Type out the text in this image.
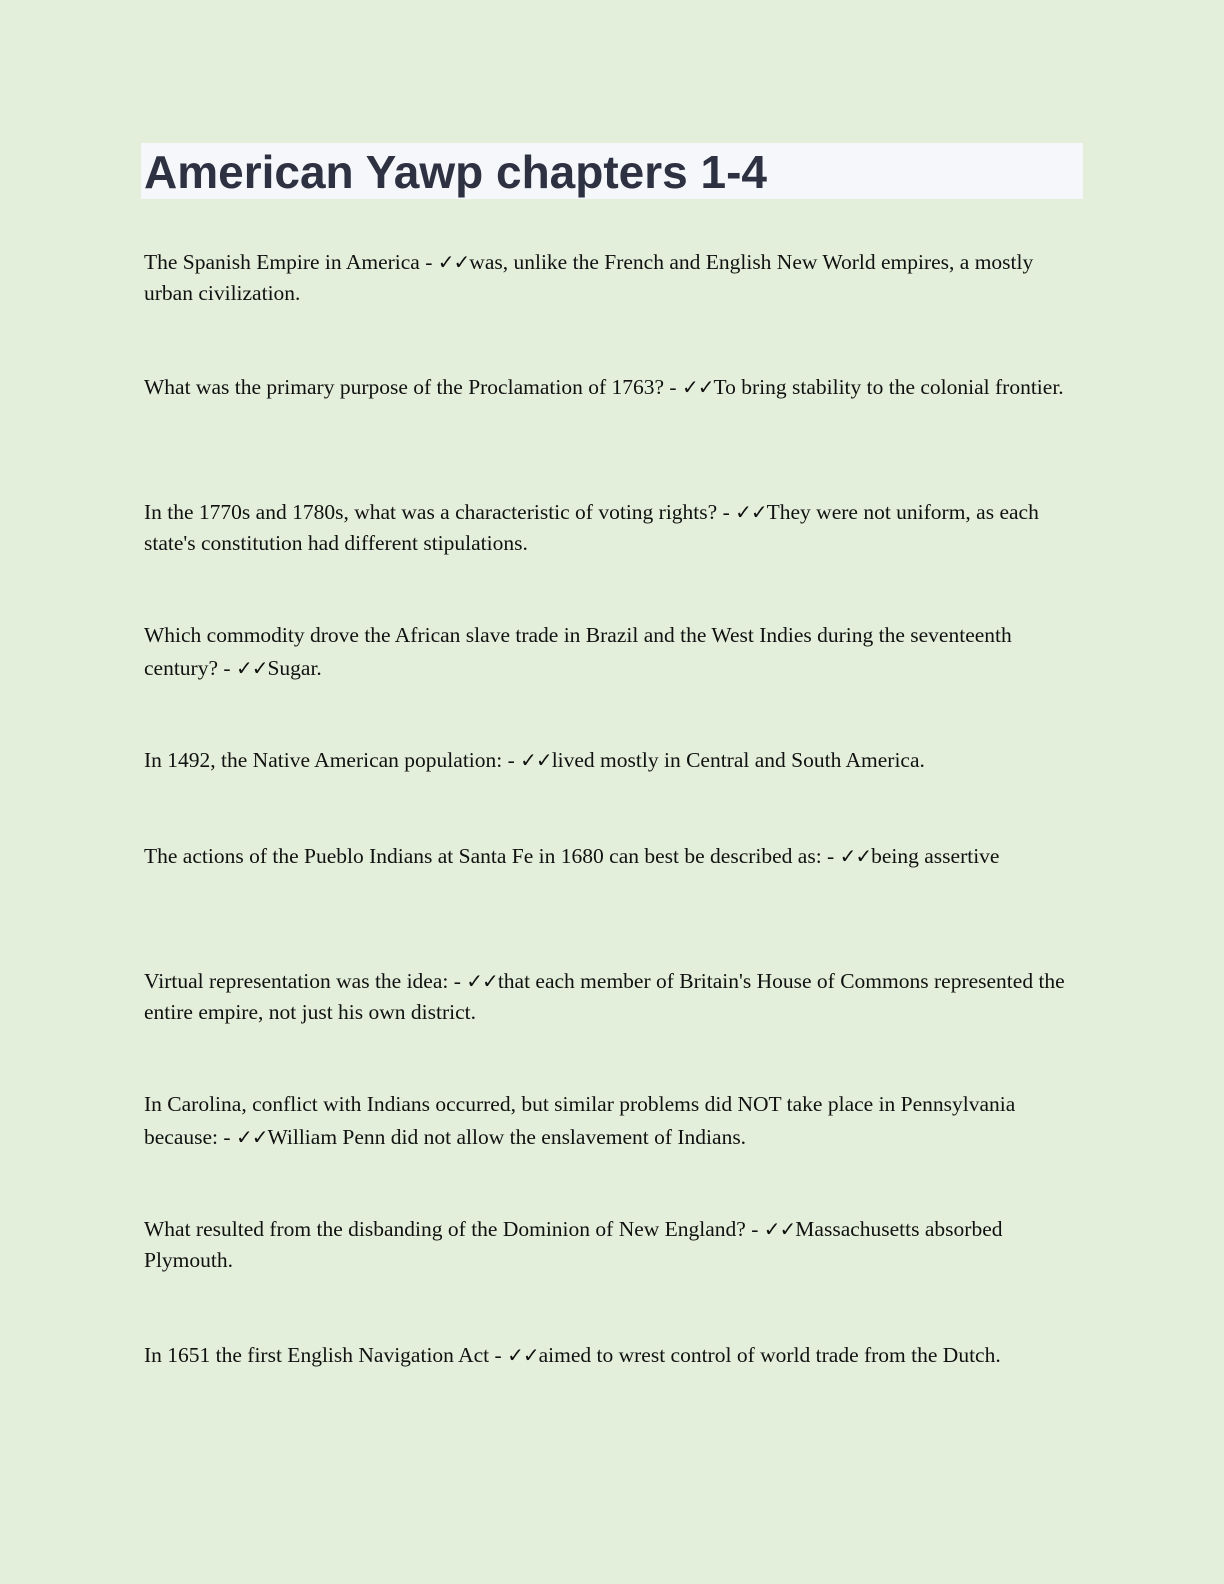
American Yawp chapters 1-4

The Spanish Empire in America - ✓✓was, unlike the French and English New World empires, a mostly urban civilization.

What was the primary purpose of the Proclamation of 1763? - ✓✓To bring stability to the colonial frontier.

In the 1770s and 1780s, what was a characteristic of voting rights? - ✓✓They were not uniform, as each state's constitution had different stipulations.

Which commodity drove the African slave trade in Brazil and the West Indies during the seventeenth century? - ✓✓Sugar.

In 1492, the Native American population: - ✓✓lived mostly in Central and South America.

The actions of the Pueblo Indians at Santa Fe in 1680 can best be described as: - ✓✓being assertive

Virtual representation was the idea: - ✓✓that each member of Britain's House of Commons represented the entire empire, not just his own district.

In Carolina, conflict with Indians occurred, but similar problems did NOT take place in Pennsylvania because: - ✓✓William Penn did not allow the enslavement of Indians.

What resulted from the disbanding of the Dominion of New England? - ✓✓Massachusetts absorbed Plymouth.

In 1651 the first English Navigation Act - ✓✓aimed to wrest control of world trade from the Dutch.
